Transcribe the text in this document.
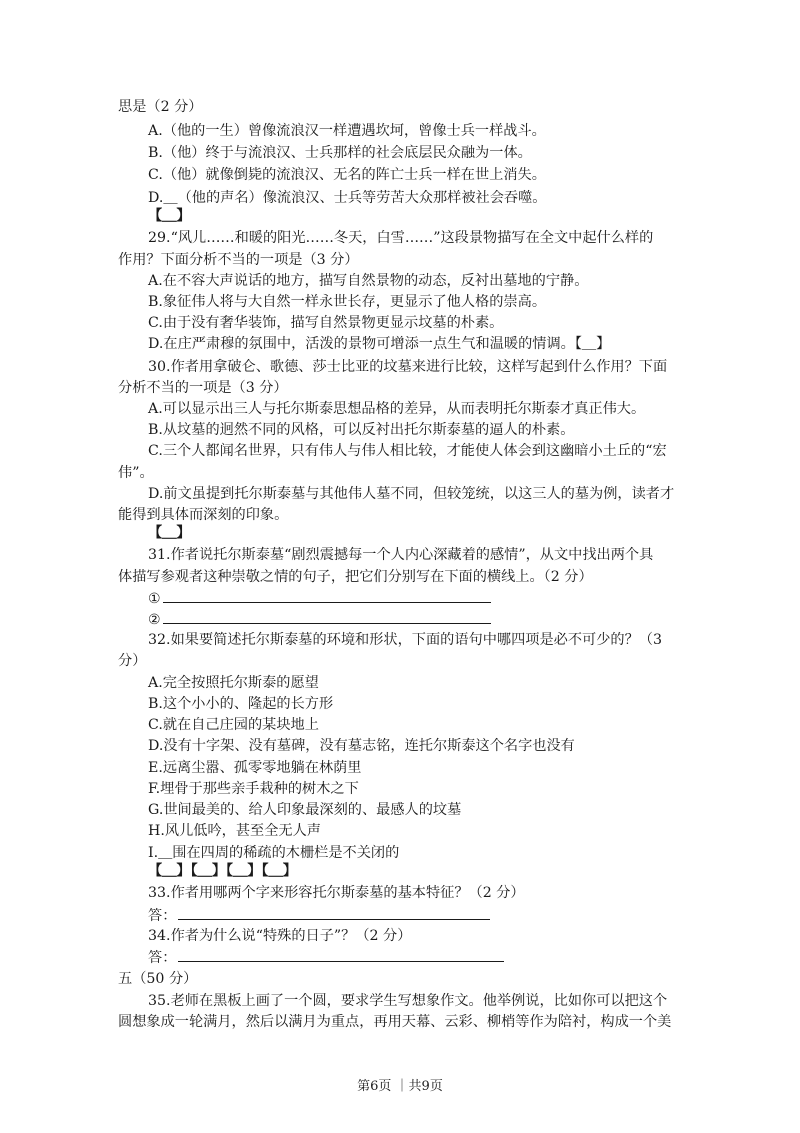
思是（2 分）
A.（他的一生）曾像流浪汉一样遭遇坎坷，曾像士兵一样战斗。
B.（他）终于与流浪汉、士兵那样的社会底层民众融为一体。
C.（他）就像倒毙的流浪汉、无名的阵亡士兵一样在世上消失。
D.＿（他的声名）像流浪汉、士兵等劳苦大众那样被社会吞噬。
【＿】
29.“风儿……和暖的阳光……冬天，白雪……”这段景物描写在全文中起什么样的
作用？下面分析不当的一项是（3 分）
A.在不容大声说话的地方，描写自然景物的动态，反衬出墓地的宁静。
B.象征伟人将与大自然一样永世长存，更显示了他人格的崇高。
C.由于没有奢华装饰，描写自然景物更显示坟墓的朴素。
D.在庄严肃穆的氛围中，活泼的景物可增添一点生气和温暖的情调。【＿】
30.作者用拿破仑、歌德、莎士比亚的坟墓来进行比较，这样写起到什么作用？下面
分析不当的一项是（3 分）
A.可以显示出三人与托尔斯泰思想品格的差异，从而表明托尔斯泰才真正伟大。
B.从坟墓的迥然不同的风格，可以反衬出托尔斯泰墓的逼人的朴素。
C.三个人都闻名世界，只有伟人与伟人相比较，才能使人体会到这幽暗小土丘的“宏
伟”。
D.前文虽提到托尔斯泰墓与其他伟人墓不同，但较笼统，以这三人的墓为例，读者才
能得到具体而深刻的印象。
【＿】
31.作者说托尔斯泰墓“剧烈震撼每一个人内心深藏着的感情”，从文中找出两个具
体描写参观者这种崇敬之情的句子，把它们分别写在下面的横线上。（2 分）
①
②
32.如果要简述托尔斯泰墓的环境和形状，下面的语句中哪四项是必不可少的？（3
分）
A.完全按照托尔斯泰的愿望
B.这个小小的、隆起的长方形
C.就在自己庄园的某块地上
D.没有十字架、没有墓碑，没有墓志铭，连托尔斯泰这个名字也没有
E.远离尘嚣、孤零零地躺在林荫里
F.埋骨于那些亲手栽种的树木之下
G.世间最美的、给人印象最深刻的、最感人的坟墓
H.风儿低吟，甚至全无人声
I.＿围在四周的稀疏的木栅栏是不关闭的
【＿】【＿】【＿】【＿】
33.作者用哪两个字来形容托尔斯泰墓的基本特征？（2 分）
答：
34.作者为什么说“特殊的日子”？（2 分）
答：
五（50 分）
35.老师在黑板上画了一个圆，要求学生写想象作文。他举例说，比如你可以把这个
圆想象成一轮满月，然后以满月为重点，再用天幕、云彩、柳梢等作为陪衬，构成一个美
第6页 ｜共9页
